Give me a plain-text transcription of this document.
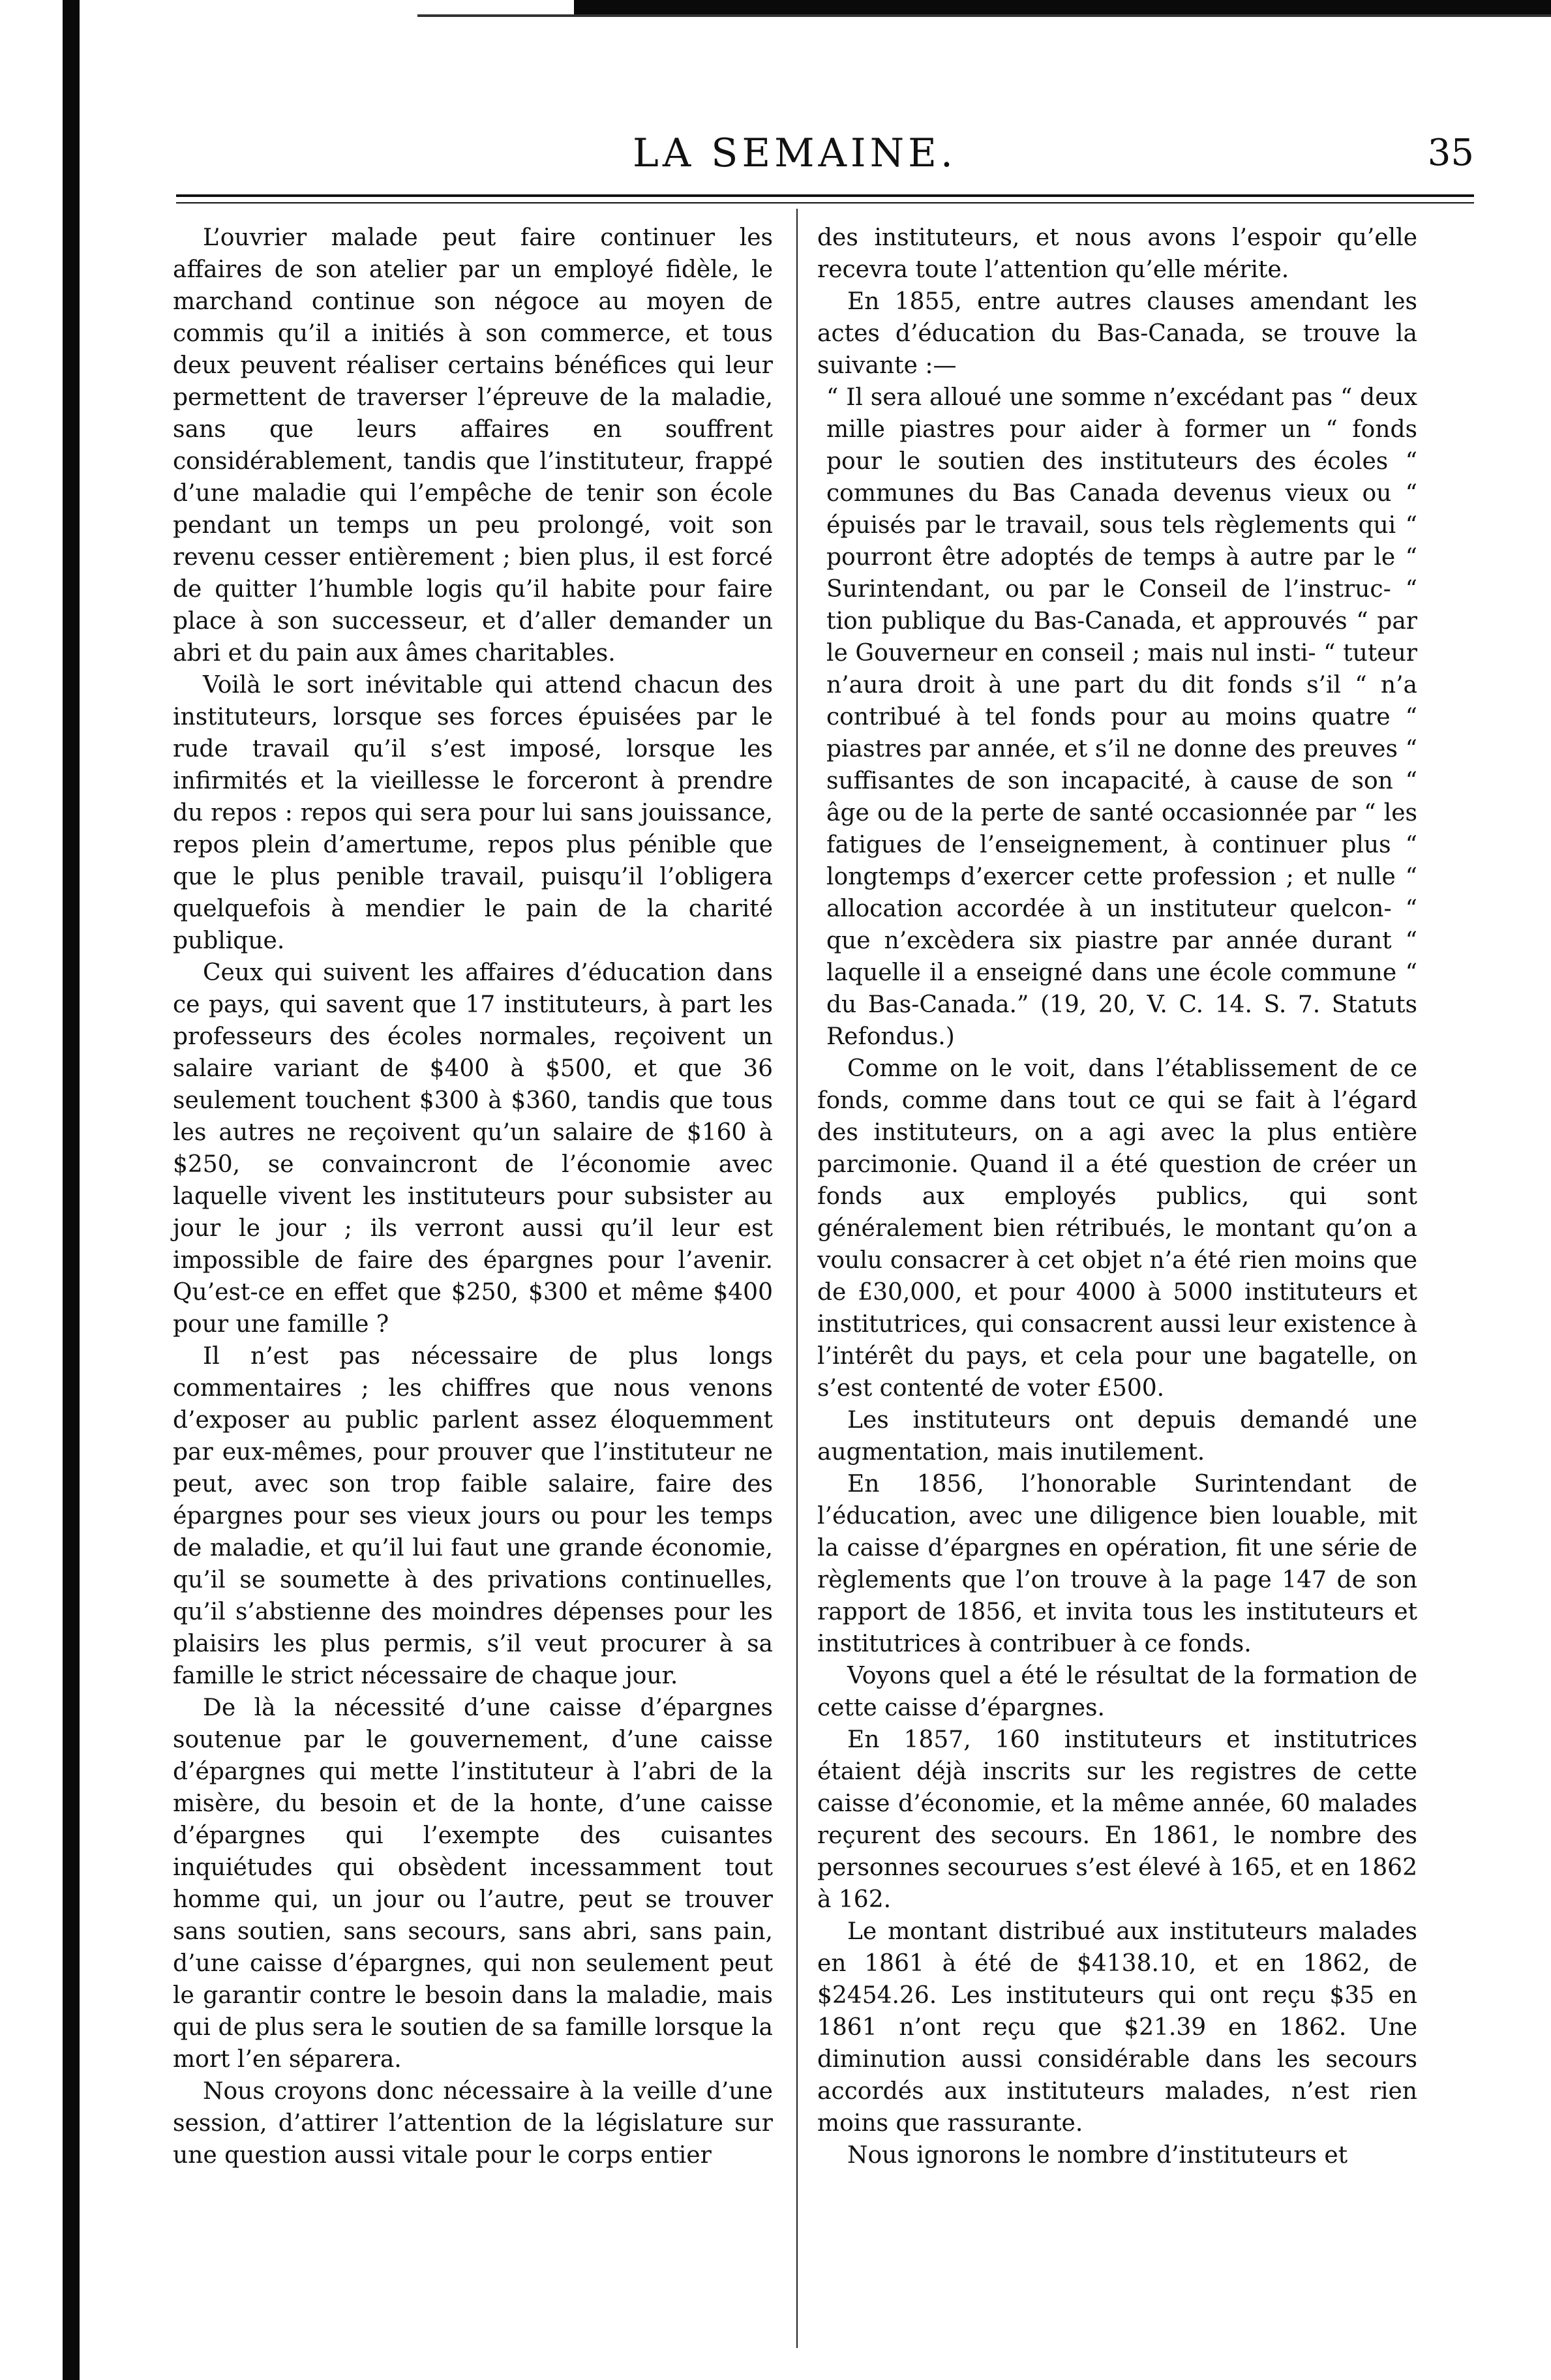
LA SEMAINE.	35

L’ouvrier malade peut faire continuer les affaires de son atelier par un employé fidèle, le marchand continue son négoce au moyen de commis qu’il a initiés à son commerce, et tous deux peuvent réaliser certains bénéfices qui leur permettent de traverser l’épreuve de la maladie, sans que leurs affaires en souffrent considérablement, tandis que l’instituteur, frappé d’une maladie qui l’empêche de tenir son école pendant un temps un peu prolongé, voit son revenu cesser entièrement ; bien plus, il est forcé de quitter l’humble logis qu’il habite pour faire place à son successeur, et d’aller demander un abri et du pain aux âmes charitables.

Voilà le sort inévitable qui attend chacun des instituteurs, lorsque ses forces épuisées par le rude travail qu’il s’est imposé, lorsque les infirmités et la vieillesse le forceront à prendre du repos : repos qui sera pour lui sans jouissance, repos plein d’amertume, repos plus pénible que que le plus penible travail, puisqu’il l’obligera quelquefois à mendier le pain de la charité publique.

Ceux qui suivent les affaires d’éducation dans ce pays, qui savent que 17 instituteurs, à part les professeurs des écoles normales, reçoivent un salaire variant de $400 à $500, et que 36 seulement touchent $300 à $360, tandis que tous les autres ne reçoivent qu’un salaire de $160 à $250, se convaincront de l’économie avec laquelle vivent les instituteurs pour subsister au jour le jour ; ils verront aussi qu’il leur est impossible de faire des épargnes pour l’avenir. Qu’est-ce en effet que $250, $300 et même $400 pour une famille ?

Il n’est pas nécessaire de plus longs commentaires ; les chiffres que nous venons d’exposer au public parlent assez éloquemment par eux-mêmes, pour prouver que l’instituteur ne peut, avec son trop faible salaire, faire des épargnes pour ses vieux jours ou pour les temps de maladie, et qu’il lui faut une grande économie, qu’il se soumette à des privations continuelles, qu’il s’abstienne des moindres dépenses pour les plaisirs les plus permis, s’il veut procurer à sa famille le strict nécessaire de chaque jour.

De là la nécessité d’une caisse d’épargnes soutenue par le gouvernement, d’une caisse d’épargnes qui mette l’instituteur à l’abri de la misère, du besoin et de la honte, d’une caisse d’épargnes qui l’exempte des cuisantes inquiétudes qui obsèdent incessamment tout homme qui, un jour ou l’autre, peut se trouver sans soutien, sans secours, sans abri, sans pain, d’une caisse d’épargnes, qui non seulement peut le garantir contre le besoin dans la maladie, mais qui de plus sera le soutien de sa famille lorsque la mort l’en séparera.

Nous croyons donc nécessaire à la veille d’une session, d’attirer l’attention de la législature sur une question aussi vitale pour le corps entier

des instituteurs, et nous avons l’espoir qu’elle recevra toute l’attention qu’elle mérite.

En 1855, entre autres clauses amendant les actes d’éducation du Bas-Canada, se trouve la suivante :—

“ Il sera alloué une somme n’excédant pas “ deux mille piastres pour aider à former un “ fonds pour le soutien des instituteurs des écoles “ communes du Bas Canada devenus vieux ou “ épuisés par le travail, sous tels règlements qui “ pourront être adoptés de temps à autre par le “ Surintendant, ou par le Conseil de l’instruc- “ tion publique du Bas-Canada, et approuvés “ par le Gouverneur en conseil ; mais nul insti- “ tuteur n’aura droit à une part du dit fonds s’il “ n’a contribué à tel fonds pour au moins quatre “ piastres par année, et s’il ne donne des preuves “ suffisantes de son incapacité, à cause de son “ âge ou de la perte de santé occasionnée par “ les fatigues de l’enseignement, à continuer plus “ longtemps d’exercer cette profession ; et nulle “ allocation accordée à un instituteur quelcon- “ que n’excèdera six piastre par année durant “ laquelle il a enseigné dans une école commune “ du Bas-Canada.” (19, 20, V. C. 14. S. 7. Statuts Refondus.)

Comme on le voit, dans l’établissement de ce fonds, comme dans tout ce qui se fait à l’égard des instituteurs, on a agi avec la plus entière parcimonie. Quand il a été question de créer un fonds aux employés publics, qui sont généralement bien rétribués, le montant qu’on a voulu consacrer à cet objet n’a été rien moins que de £30,000, et pour 4000 à 5000 instituteurs et institutrices, qui consacrent aussi leur existence à l’intérêt du pays, et cela pour une bagatelle, on s’est contenté de voter £500.

Les instituteurs ont depuis demandé une augmentation, mais inutilement.

En 1856, l’honorable Surintendant de l’éducation, avec une diligence bien louable, mit la caisse d’épargnes en opération, fit une série de règlements que l’on trouve à la page 147 de son rapport de 1856, et invita tous les instituteurs et institutrices à contribuer à ce fonds.

Voyons quel a été le résultat de la formation de cette caisse d’épargnes.

En 1857, 160 instituteurs et institutrices étaient déjà inscrits sur les registres de cette caisse d’économie, et la même année, 60 malades reçurent des secours. En 1861, le nombre des personnes secourues s’est élevé à 165, et en 1862 à 162.

Le montant distribué aux instituteurs malades en 1861 à été de $4138.10, et en 1862, de $2454.26. Les instituteurs qui ont reçu $35 en 1861 n’ont reçu que $21.39 en 1862. Une diminution aussi considérable dans les secours accordés aux instituteurs malades, n’est rien moins que rassurante.

Nous ignorons le nombre d’instituteurs et
